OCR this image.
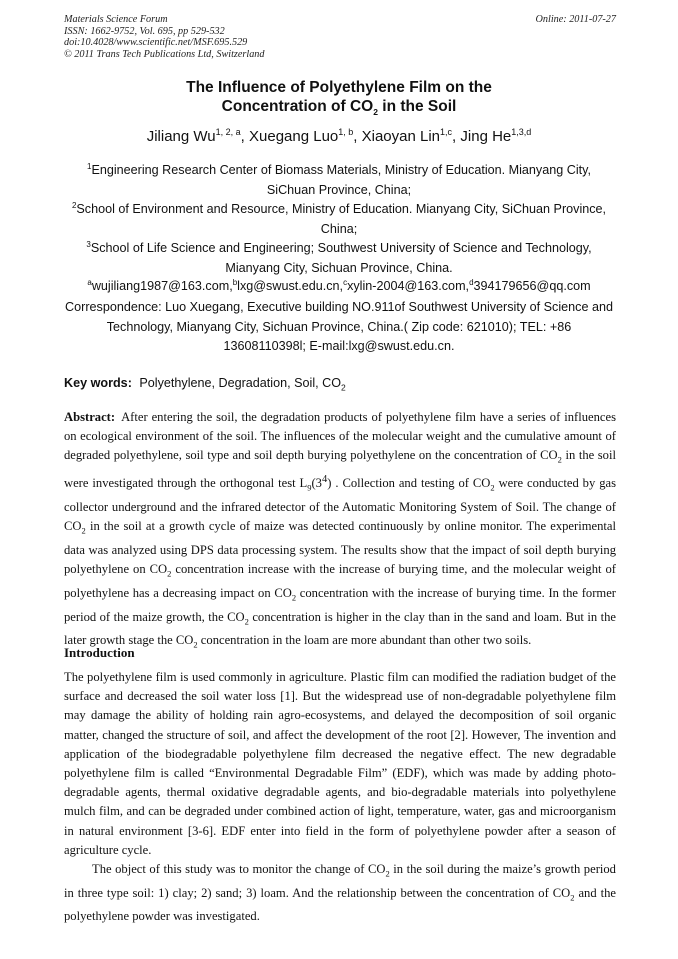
Materials Science Forum
ISSN: 1662-9752, Vol. 695, pp 529-532
doi:10.4028/www.scientific.net/MSF.695.529
© 2011 Trans Tech Publications Ltd, Switzerland
Online: 2011-07-27
The Influence of Polyethylene Film on the
Concentration of $CO_2$ in the Soil
Jiliang Wu$^{1, 2, a}$, Xuegang Luo$^{1, b}$, Xiaoyan Lin$^{1,c}$, Jing He$^{1,3,d}$
$^1$Engineering Research Center of Biomass Materials, Ministry of Education. Mianyang City, SiChuan Province, China;
$^2$School of Environment and Resource, Ministry of Education. Mianyang City, SiChuan Province, China;
$^3$School of Life Science and Engineering; Southwest University of Science and Technology, Mianyang City, Sichuan Province, China.
$^a$wujiliang1987@163.com,$^b$lxg@swust.edu.cn,$^c$xylin-2004@163.com,$^d$394179656@qq.com
Correspondence: Luo Xuegang, Executive building NO.911of Southwest University of Science and Technology, Mianyang City, Sichuan Province, China.( Zip code: 621010); TEL: +86 13608110398l; E-mail:lxg@swust.edu.cn.
Key words: Polyethylene, Degradation, Soil, $CO_2$
Abstract: After entering the soil, the degradation products of polyethylene film have a series of influences on ecological environment of the soil. The influences of the molecular weight and the cumulative amount of degraded polyethylene, soil type and soil depth burying polyethylene on the concentration of $CO_2$ in the soil were investigated through the orthogonal test $L_9(3^4)$ . Collection and testing of $CO_2$ were conducted by gas collector underground and the infrared detector of the Automatic Monitoring System of Soil. The change of $CO_2$ in the soil at a growth cycle of maize was detected continuously by online monitor. The experimental data was analyzed using DPS data processing system. The results show that the impact of soil depth burying polyethylene on $CO_2$ concentration increase with the increase of burying time, and the molecular weight of polyethylene has a decreasing impact on $CO_2$ concentration with the increase of burying time. In the former period of the maize growth, the $CO_2$ concentration is higher in the clay than in the sand and loam. But in the later growth stage the $CO_2$ concentration in the loam are more abundant than other two soils.
Introduction

The polyethylene film is used commonly in agriculture. Plastic film can modified the radiation budget of the surface and decreased the soil water loss [1]. But the widespread use of non-degradable polyethylene film may damage the ability of holding rain agro-ecosystems, and delayed the decomposition of soil organic matter, changed the structure of soil, and affect the development of the root [2]. However, The invention and application of the biodegradable polyethylene film decreased the negative effect. The new degradable polyethylene film is called “Environmental Degradable Film” (EDF), which was made by adding photo-degradable agents, thermal oxidative degradable agents, and bio-degradable materials into polyethylene mulch film, and can be degraded under combined action of light, temperature, water, gas and microorganism in natural environment [3-6]. EDF enter into field in the form of polyethylene powder after a season of agriculture cycle.

The object of this study was to monitor the change of $CO_2$ in the soil during the maize’s growth period in three type soil: 1) clay; 2) sand; 3) loam. And the relationship between the concentration of $CO_2$ and the polyethylene powder was investigated.
